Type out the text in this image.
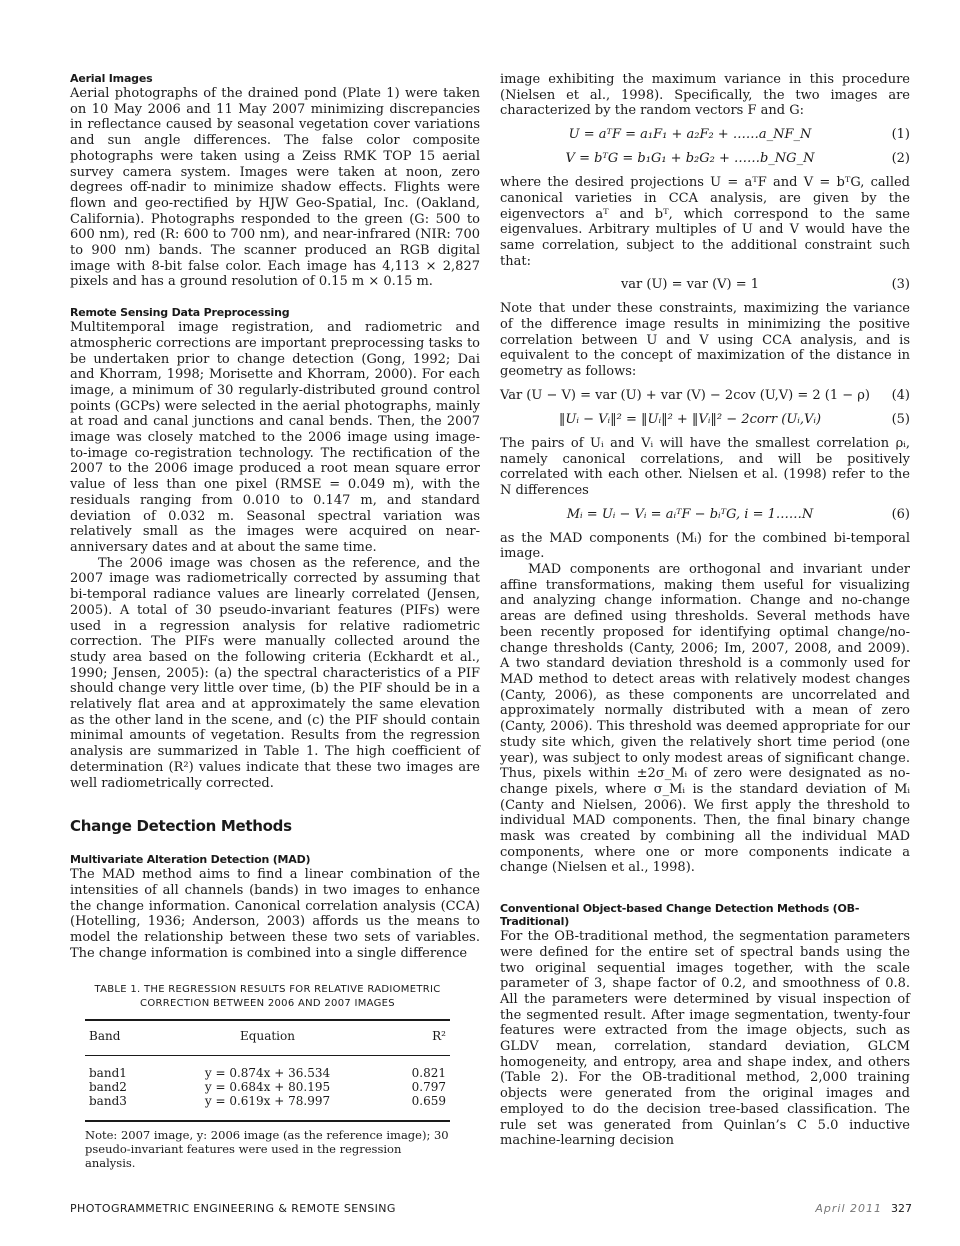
Aerial Images

Aerial photographs of the drained pond (Plate 1) were taken on 10 May 2006 and 11 May 2007 minimizing discrepancies in reflectance caused by seasonal vegetation cover variations and sun angle differences. The false color composite photographs were taken using a Zeiss RMK TOP 15 aerial survey camera system. Images were taken at noon, zero degrees off-nadir to minimize shadow effects. Flights were flown and geo-rectified by HJW Geo-Spatial, Inc. (Oakland, California). Photographs responded to the green (G: 500 to 600 nm), red (R: 600 to 700 nm), and near-infrared (NIR: 700 to 900 nm) bands. The scanner produced an RGB digital image with 8-bit false color. Each image has 4,113 × 2,827 pixels and has a ground resolution of 0.15 m × 0.15 m.

Remote Sensing Data Preprocessing

Multitemporal image registration, and radiometric and atmospheric corrections are important preprocessing tasks to be undertaken prior to change detection (Gong, 1992; Dai and Khorram, 1998; Morisette and Khorram, 2000). For each image, a minimum of 30 regularly-distributed ground control points (GCPs) were selected in the aerial photographs, mainly at road and canal junctions and canal bends. Then, the 2007 image was closely matched to the 2006 image using image-to-image co-registration technology. The rectification of the 2007 to the 2006 image produced a root mean square error value of less than one pixel (RMSE = 0.049 m), with the residuals ranging from 0.010 to 0.147 m, and standard deviation of 0.032 m. Seasonal spectral variation was relatively small as the images were acquired on near-anniversary dates and at about the same time.

The 2006 image was chosen as the reference, and the 2007 image was radiometrically corrected by assuming that bi-temporal radiance values are linearly correlated (Jensen, 2005). A total of 30 pseudo-invariant features (PIFs) were used in a regression analysis for relative radiometric correction. The PIFs were manually collected around the study area based on the following criteria (Eckhardt et al., 1990; Jensen, 2005): (a) the spectral characteristics of a PIF should change very little over time, (b) the PIF should be in a relatively flat area and at approximately the same elevation as the other land in the scene, and (c) the PIF should contain minimal amounts of vegetation. Results from the regression analysis are summarized in Table 1. The high coefficient of determination (R²) values indicate that these two images are well radiometrically corrected.

Change Detection Methods
Multivariate Alteration Detection (MAD)

The MAD method aims to find a linear combination of the intensities of all channels (bands) in two images to enhance the change information. Canonical correlation analysis (CCA) (Hotelling, 1936; Anderson, 2003) affords us the means to model the relationship between these two sets of variables. The change information is combined into a single difference

TABLE 1. THE REGRESSION RESULTS FOR RELATIVE RADIOMETRIC
CORRECTION BETWEEN 2006 AND 2007 IMAGES
Band	Equation	R²
band1	y = 0.874x + 36.534	0.821
band2	y = 0.684x + 80.195	0.797
band3	y = 0.619x + 78.997	0.659
Note: 2007 image, y: 2006 image (as the reference image); 30 pseudo-invariant features were used in the regression analysis.

image exhibiting the maximum variance in this procedure (Nielsen et al., 1998). Specifically, the two images are characterized by the random vectors F and G:

U = aᵀF = a₁F₁ + a₂F₂ + ……a_NF_N	(1)
V = bᵀG = b₁G₁ + b₂G₂ + ……b_NG_N	(2)

where the desired projections U = aᵀF and V = bᵀG, called canonical varieties in CCA analysis, are given by the eigenvectors aᵀ and bᵀ, which correspond to the same eigenvalues. Arbitrary multiples of U and V would have the same correlation, subject to the additional constraint such that:

var (U) = var (V) = 1	(3)

Note that under these constraints, maximizing the variance of the difference image results in minimizing the positive correlation between U and V using CCA analysis, and is equivalent to the concept of maximization of the distance in geometry as follows:

Var (U − V) = var (U) + var (V) − 2cov (U,V) = 2 (1 − ρ)	(4)
‖Uᵢ − Vᵢ‖² = ‖Uᵢ‖² + ‖Vᵢ‖² − 2corr (Uᵢ,Vᵢ)	(5)

The pairs of Uᵢ and Vᵢ will have the smallest correlation ρᵢ, namely canonical correlations, and will be positively correlated with each other. Nielsen et al. (1998) refer to the N differences

Mᵢ = Uᵢ − Vᵢ = aᵢᵀF − bᵢᵀG, i = 1……N	(6)

as the MAD components (Mᵢ) for the combined bi-temporal image.

MAD components are orthogonal and invariant under affine transformations, making them useful for visualizing and analyzing change information. Change and no-change areas are defined using thresholds. Several methods have been recently proposed for identifying optimal change/no-change thresholds (Canty, 2006; Im, 2007, 2008, and 2009). A two standard deviation threshold is a commonly used for MAD method to detect areas with relatively modest changes (Canty, 2006), as these components are uncorrelated and approximately normally distributed with a mean of zero (Canty, 2006). This threshold was deemed appropriate for our study site which, given the relatively short time period (one year), was subject to only modest areas of significant change. Thus, pixels within ±2σ_Mᵢ of zero were designated as no-change pixels, where σ_Mᵢ is the standard deviation of Mᵢ (Canty and Nielsen, 2006). We first apply the threshold to individual MAD components. Then, the final binary change mask was created by combining all the individual MAD components, where one or more components indicate a change (Nielsen et al., 1998).

Conventional Object-based Change Detection Methods (OB-Traditional)

For the OB-traditional method, the segmentation parameters were defined for the entire set of spectral bands using the two original sequential images together, with the scale parameter of 3, shape factor of 0.2, and smoothness of 0.8. All the parameters were determined by visual inspection of the segmented result. After image segmentation, twenty-four features were extracted from the image objects, such as GLDV mean, correlation, standard deviation, GLCM homogeneity, and entropy, area and shape index, and others (Table 2). For the OB-traditional method, 2,000 training objects were generated from the original images and employed to do the decision tree-based classification. The rule set was generated from Quinlan’s C 5.0 inductive machine-learning decision

PHOTOGRAMMETRIC ENGINEERING & REMOTE SENSING	April 2011 327
